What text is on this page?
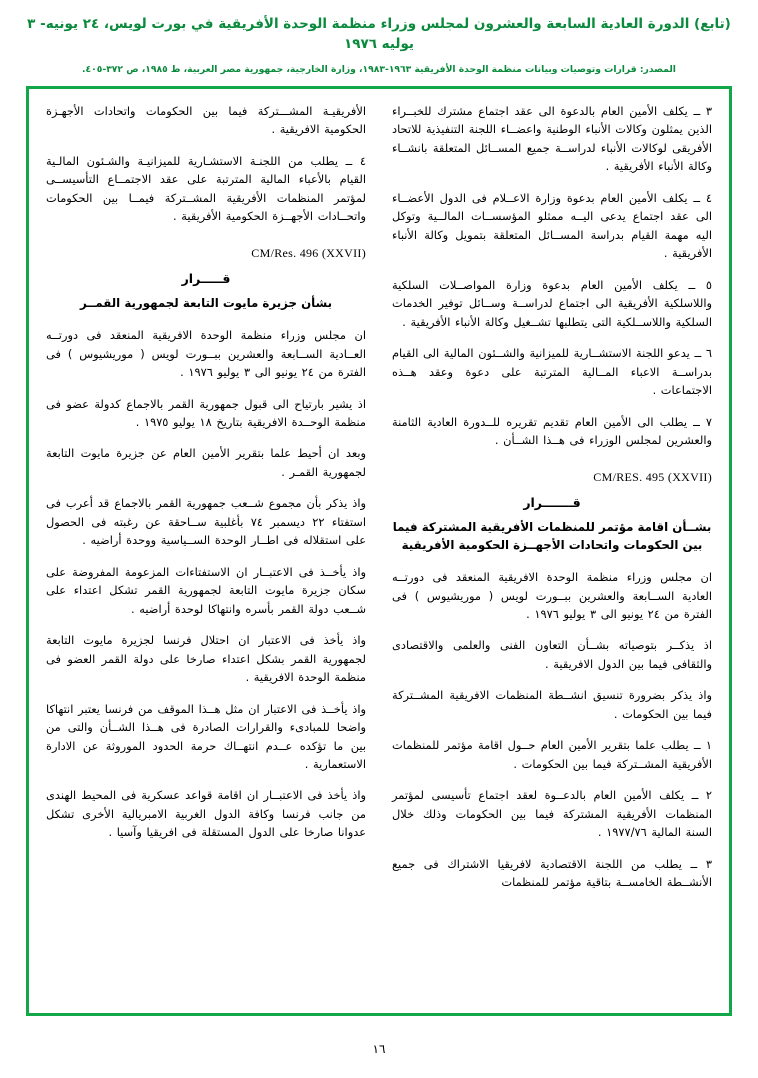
(تابع) الدورة العادية السابعة والعشرون لمجلس وزراء منظمة الوحدة الأفريقية في بورت لويس، ٢٤ يونيه- ٣ يوليه ١٩٧٦
المصدر: قرارات وتوصيات وبيانات منظمة الوحدة الأفريقية ١٩٦٣-١٩٨٣، وزارة الخارجية، جمهورية مصر العربية، ط ١٩٨٥، ص ٣٧٢-٤٠٥.

٣ ــ يكلف الأمين العام بالدعوة الى عقد اجتماع مشترك للخبــراء الذين يمثلون وكالات الأنباء الوطنية واعضــاء اللجنة التنفيذية للاتحاد الأفريقى لوكالات الأنباء لدراســة جميع المســائل المتعلقة بانشــاء وكالة الأنباء الأفريقية .

٤ ــ يكلف الأمين العام بدعوة وزارة الاعــلام فى الدول الأعضــاء الى عقد اجتماع يدعى اليــه ممثلو المؤسســات المالــية وتوكل اليه مهمة القيام بدراسة المســائل المتعلقة بتمويل وكالة الأنباء الأفريقية .

٥ ــ يكلف الأمين العام بدعوة وزارة المواصــلات السلكية واللاسلكية الأفريقية الى اجتماع لدراســة وســائل توفير الخدمات السلكية واللاســلكية التى يتطلبها تشــغيل وكالة الأنباء الأفريقية .

٦ ــ يدعو اللجنة الاستشــارية للميزانية والشــئون المالية الى القيام بدراســة الاعباء المــالية المترتبة على دعوة وعقد هــذه الاجتماعات .

٧ ــ يطلب الى الأمين العام تقديم تقريره للــدورة العادية الثامنة والعشرين لمجلس الوزراء فى هــذا الشــأن .

CM/RES. 495 (XXVII)
قـــــــرار
بشــأن اقامة مؤتمر للمنظمات الأفريقية المشتركة فيما بين الحكومات واتحادات الأجهــزة الحكومية الأفريقية

ان مجلس وزراء منظمة الوحدة الافريقية المنعقد فى دورتــه العادية الســابعة والعشرين ببــورت لويس ( موريشيوس ) فى الفترة من ٢٤ يونيو الى ٣ يوليو ١٩٧٦ .

اذ يذكــر بتوصياته بشــأن التعاون الفنى والعلمى والاقتصادى والثقافى فيما بين الدول الافريقية .

واذ يذكر بضرورة تنسيق انشــطة المنظمات الافريقية المشــتركة فيما بين الحكومات .

١ ــ يطلب علما بتقرير الأمين العام حــول اقامة مؤتمر للمنظمات الأفريقية المشــتركة فيما بين الحكومات .

٢ ــ يكلف الأمين العام بالدعــوة لعقد اجتماع تأسيسى لمؤتمر المنظمات الأفريقية المشتركة فيما بين الحكومات وذلك خلال السنة المالية ١٩٧٧/٧٦ .

٣ ــ يطلب من اللجنة الاقتصادية لافريقيا الاشتراك فى جميع الأنشــطة الخامســة بتاقية مؤتمر للمنظمات

الأفريقيـة المشـــتركة فيما بين الحكومات واتحادات الأجهـزة الحكومية الافريقية .

٤ ــ يطلب من اللجنـة الاستشـارية للميزانيـة والشـئون المالـية القيام بالأعباء المالية المترتبة على عقد الاجتمــاع التأسيســى لمؤتمر المنظمات الأفريقية المشــتركة فيمــا بين الحكومات واتحــادات الأجهــزة الحكومية الأفريقية .

CM/Res. 496 (XXVII)
قـــــرار
بشأن جزيرة مايوت التابعة لجمهورية القمــر

ان مجلس وزراء منظمة الوحدة الافريقية المنعقد فى دورتــه العــادية الســابعة والعشرين ببــورت لويس ( موريشيوس ) فى الفترة من ٢٤ يونيو الى ٣ يوليو ١٩٧٦ .

اذ يشير بارتياح الى قبول جمهورية القمر بالاجماع كدولة عضو فى منظمة الوحــدة الافريقية بتاريخ ١٨ يوليو ١٩٧٥ .

وبعد ان أحيط علما بتقرير الأمين العام عن جزيرة مايوت التابعة لجمهورية القمـر .

واذ يذكر بأن مجموع شــعب جمهورية القمر بالاجماع قد أعرب فى استفتاء ٢٢ ديسمبر ٧٤ بأغلبية ســاحقة عن رغبته فى الحصول على استقلاله فى اطــار الوحدة الســياسية ووحدة أراضيه .

واذ يأخــذ فى الاعتبــار ان الاستفتاءات المزعومة المفروضة على سكان جزيرة مايوت التابعة لجمهورية القمر تشكل اعتداء على شــعب دولة القمر بأسره وانتهاكا لوحدة أراضيه .

واذ يأخذ فى الاعتبار ان احتلال فرنسا لجزيرة مايوت التابعة لجمهورية القمر بشكل اعتداء صارخا على دولة القمر العضو فى منظمة الوحدة الافريقية .

واذ يأخــذ فى الاعتبار ان مثل هــذا الموقف من فرنسا يعتبر انتهاكا واضحا للمبادىء والقرارات الصادرة فى هــذا الشــأن والتى من بين ما تؤكده عــدم انتهــاك حرمة الحدود الموروثة عن الادارة الاستعمارية .

واذ يأخذ فى الاعتبــار ان اقامة قواعد عسكرية فى المحيط الهندى من جانب فرنسا وكافة الدول الغربية الامبريالية الأخرى تشكل عدوانا صارخا على الدول المستقلة فى افريقيا وآسيا .

١٦
